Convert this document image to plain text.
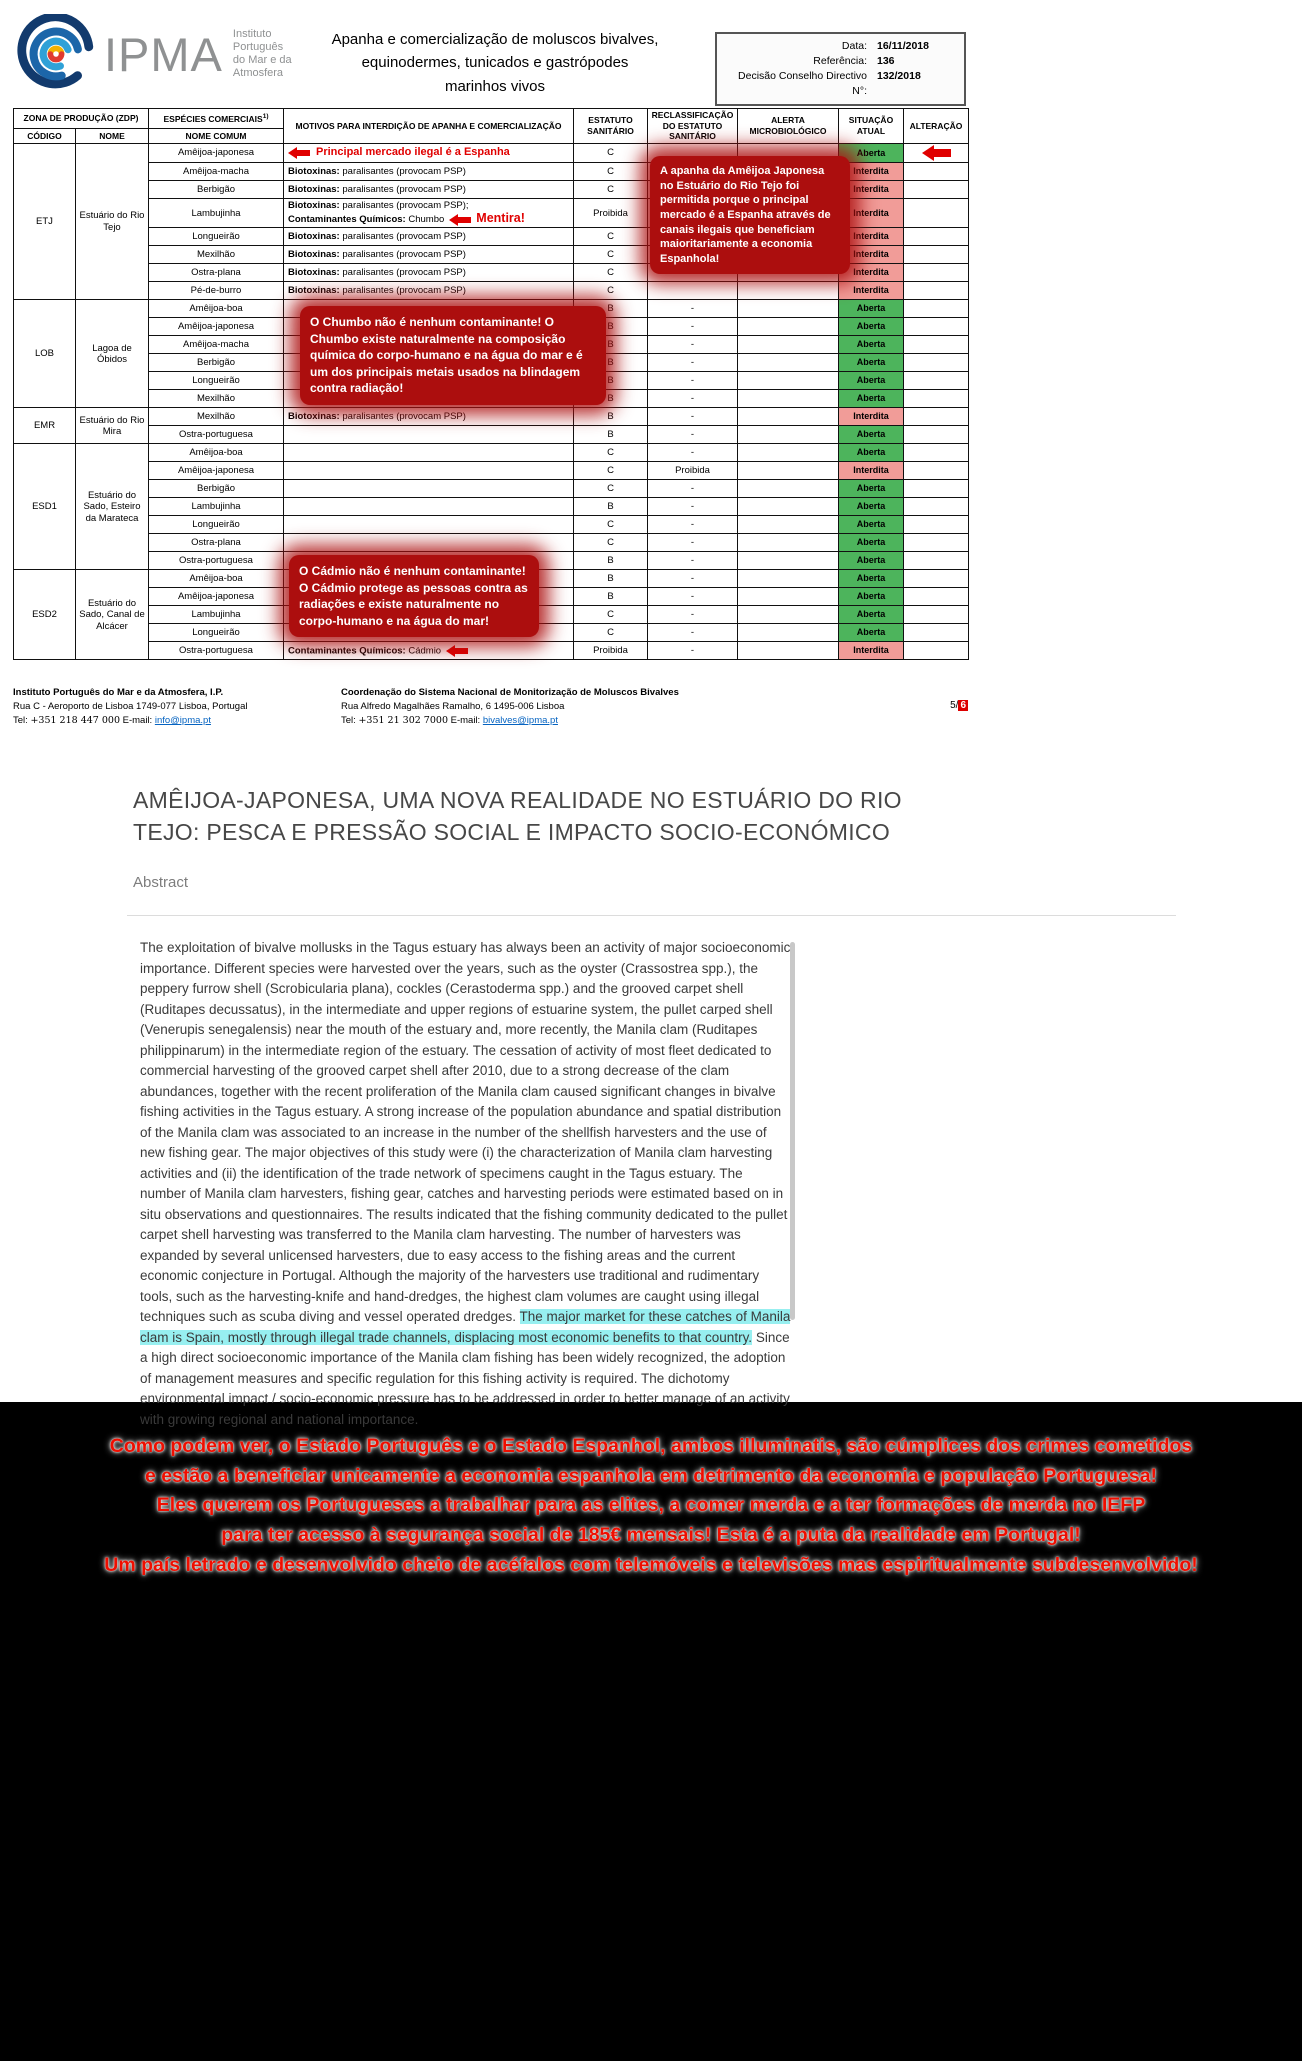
IPMA Instituto
Português
do Mar e da
Atmosfera
Apanha e comercialização de moluscos bivalves,
equinodermes, tunicados e gastrópodes
marinhos vivos
Data: 16/11/2018
Referência: 136
Decisão Conselho Directivo N°:
132/2018
ZONA DE PRODUÇÃO (ZDP)		ESPÉCIES COMERCIAIS$^{1)}$	MOTIVOS PARA INTERDIÇÃO DE APANHA E COMERCIALIZAÇÃO	ESTATUTO SANITÁRIO	RECLASSIFICAÇÃO DO ESTATUTO SANITÁRIO	ALERTA MICROBIOLÓGICO	SITUAÇÃO ATUAL	ALTERAÇÃO
CÓDIGO	NOME	NOME COMUM						
ETJ	Estuário do Rio Tejo	Amêijoa-japonesa	Principal mercado ilegal é a Espanha	C			Aberta	

		Amêijoa-macha	Biotoxinas: paralisantes (provocam PSP)	C			Interdita	
		Berbigão	Biotoxinas: paralisantes (provocam PSP)	C			Interdita	
		Lambujinha	Biotoxinas: paralisantes (provocam PSP);
Contaminantes Químicos: Chumbo Mentira!	Proibida			Interdita	
		Longueirão	Biotoxinas: paralisantes (provocam PSP)	C			Interdita	
		Mexilhão	Biotoxinas: paralisantes (provocam PSP)	C			Interdita	
		Ostra-plana	Biotoxinas: paralisantes (provocam PSP)	C			Interdita	
		Pé-de-burro	Biotoxinas: paralisantes (provocam PSP)	C			Interdita	
LOB	Lagoa de Óbidos	Amêijoa-boa		B	-		Aberta	
		Amêijoa-japonesa		B	-		Aberta	
		Amêijoa-macha		B	-		Aberta	
		Berbigão		B	-		Aberta	
		Longueirão		B	-		Aberta	
		Mexilhão		B	-		Aberta	
EMR	Estuário do Rio Mira	Mexilhão	Biotoxinas: paralisantes (provocam PSP)	B	-		Interdita	
		Ostra-portuguesa		B	-		Aberta	
ESD1	Estuário do Sado, Esteiro da Marateca	Amêijoa-boa		C	-		Aberta	
		Amêijoa-japonesa		C	Proibida		Interdita	
		Berbigão		C	-		Aberta	
		Lambujinha		B	-		Aberta	
		Longueirão		C	-		Aberta	
		Ostra-plana		C	-		Aberta	
		Ostra-portuguesa		B	-		Aberta	
ESD2	Estuário do Sado, Canal de Alcácer	Amêijoa-boa		B	-		Aberta	
		Amêijoa-japonesa		B	-		Aberta	
		Lambujinha		C	-		Aberta	
		Longueirão		C	-		Aberta	
		Ostra-portuguesa	Contaminantes Químicos: Cádmio	Proibida	-		Interdita	
A apanha da Amêijoa Japonesa no Estuário do Rio Tejo foi permitida porque o principal mercado é a Espanha através de canais ilegais que beneficiam maioritariamente a economia Espanhola!
O Chumbo não é nenhum contaminante! O Chumbo existe naturalmente na composição química do corpo-humano e na água do mar e é um dos principais metais usados na blindagem contra radiação!
O Cádmio não é nenhum contaminante! O Cádmio protege as pessoas contra as radiações e existe naturalmente no corpo-humano e na água do mar!
Instituto Português do Mar e da Atmosfera, I.P.
Rua C - Aeroporto de Lisboa 1749-077 Lisboa, Portugal
Tel: +351 218 447 000 E-mail: info@ipma.pt
Coordenação do Sistema Nacional de Monitorização de Moluscos Bivalves
Rua Alfredo Magalhães Ramalho, 6 1495-006 Lisboa
Tel: +351 21 302 7000 E-mail: bivalves@ipma.pt
5/ 6
AMÊIJOA-JAPONESA, UMA NOVA REALIDADE NO ESTUÁRIO DO RIO
TEJO: PESCA E PRESSÃO SOCIAL E IMPACTO SOCIO-ECONÓMICO
Abstract

The exploitation of bivalve mollusks in the Tagus estuary has always been an activity of major socioeconomic importance. Different species were harvested over the years, such as the oyster (Crassostrea spp.), the peppery furrow shell (Scrobicularia plana), cockles (Cerastoderma spp.) and the grooved carpet shell (Ruditapes decussatus), in the intermediate and upper regions of estuarine system, the pullet carped shell (Venerupis senegalensis) near the mouth of the estuary and, more recently, the Manila clam (Ruditapes philippinarum) in the intermediate region of the estuary. The cessation of activity of most fleet dedicated to commercial harvesting of the grooved carpet shell after 2010, due to a strong decrease of the clam abundances, together with the recent proliferation of the Manila clam caused significant changes in bivalve fishing activities in the Tagus estuary. A strong increase of the population abundance and spatial distribution of the Manila clam was associated to an increase in the number of the shellfish harvesters and the use of new fishing gear. The major objectives of this study were (i) the characterization of Manila clam harvesting activities and (ii) the identification of the trade network of specimens caught in the Tagus estuary. The number of Manila clam harvesters, fishing gear, catches and harvesting periods were estimated based on in situ observations and questionnaires. The results indicated that the fishing community dedicated to the pullet carpet shell harvesting was transferred to the Manila clam harvesting. The number of harvesters was expanded by several unlicensed harvesters, due to easy access to the fishing areas and the current economic conjecture in Portugal. Although the majority of the harvesters use traditional and rudimentary tools, such as the harvesting-knife and hand-dredges, the highest clam volumes are caught using illegal techniques such as scuba diving and vessel operated dredges. The major market for these catches of Manila clam is Spain, mostly through illegal trade channels, displacing most economic benefits to that country. Since a high direct socioeconomic importance of the Manila clam fishing has been widely recognized, the adoption of management measures and specific regulation for this fishing activity is required. The dichotomy environmental impact / socio-economic pressure has to be addressed in order to better manage of an activity with growing regional and national importance.

Como podem ver, o Estado Português e o Estado Espanhol, ambos illuminatis, são cúmplices dos crimes cometidos
e estão a beneficiar unicamente a economia espanhola em detrimento da economia e população Portuguesa!
Eles querem os Portugueses a trabalhar para as elites, a comer merda e a ter formações de merda no IEFP
para ter acesso à segurança social de 185€ mensais! Esta é a puta da realidade em Portugal!
Um país letrado e desenvolvido cheio de acéfalos com telemóveis e televisões mas espiritualmente subdesenvolvido!
